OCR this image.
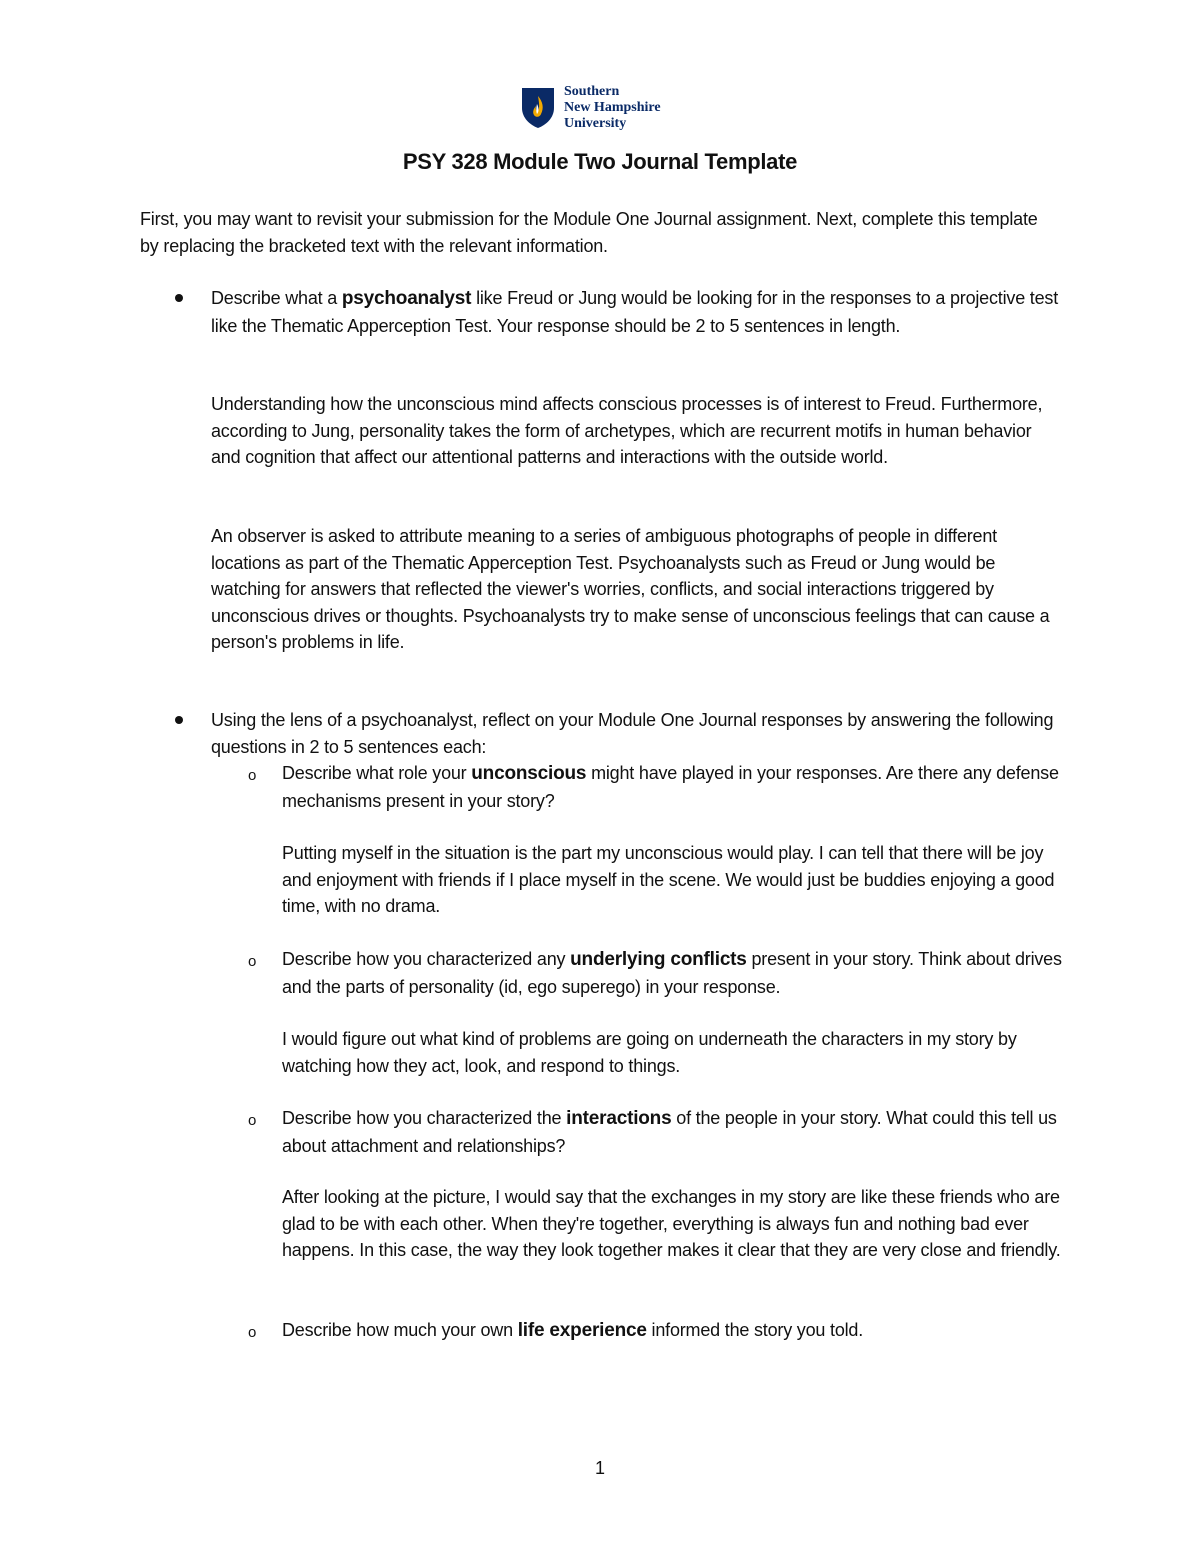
Southern
New Hampshire
University
PSY 328 Module Two Journal Template
First, you may want to revisit your submission for the Module One Journal assignment. Next, complete this template by replacing the bracketed text with the relevant information.
Describe what a psychoanalyst like Freud or Jung would be looking for in the responses to a projective test like the Thematic Apperception Test. Your response should be 2 to 5 sentences in length.
Understanding how the unconscious mind affects conscious processes is of interest to Freud. Furthermore, according to Jung, personality takes the form of archetypes, which are recurrent motifs in human behavior and cognition that affect our attentional patterns and interactions with the outside world.
An observer is asked to attribute meaning to a series of ambiguous photographs of people in different locations as part of the Thematic Apperception Test. Psychoanalysts such as Freud or Jung would be watching for answers that reflected the viewer's worries, conflicts, and social interactions triggered by unconscious drives or thoughts. Psychoanalysts try to make sense of unconscious feelings that can cause a person's problems in life.
Using the lens of a psychoanalyst, reflect on your Module One Journal responses by answering the following questions in 2 to 5 sentences each:
o Describe what role your unconscious might have played in your responses. Are there any defense mechanisms present in your story?
Putting myself in the situation is the part my unconscious would play. I can tell that there will be joy and enjoyment with friends if I place myself in the scene. We would just be buddies enjoying a good time, with no drama.
o Describe how you characterized any underlying conflicts present in your story. Think about drives and the parts of personality (id, ego superego) in your response.
I would figure out what kind of problems are going on underneath the characters in my story by watching how they act, look, and respond to things.
o Describe how you characterized the interactions of the people in your story. What could this tell us about attachment and relationships?
After looking at the picture, I would say that the exchanges in my story are like these friends who are glad to be with each other. When they're together, everything is always fun and nothing bad ever happens. In this case, the way they look together makes it clear that they are very close and friendly.
o Describe how much your own life experience informed the story you told.
1
